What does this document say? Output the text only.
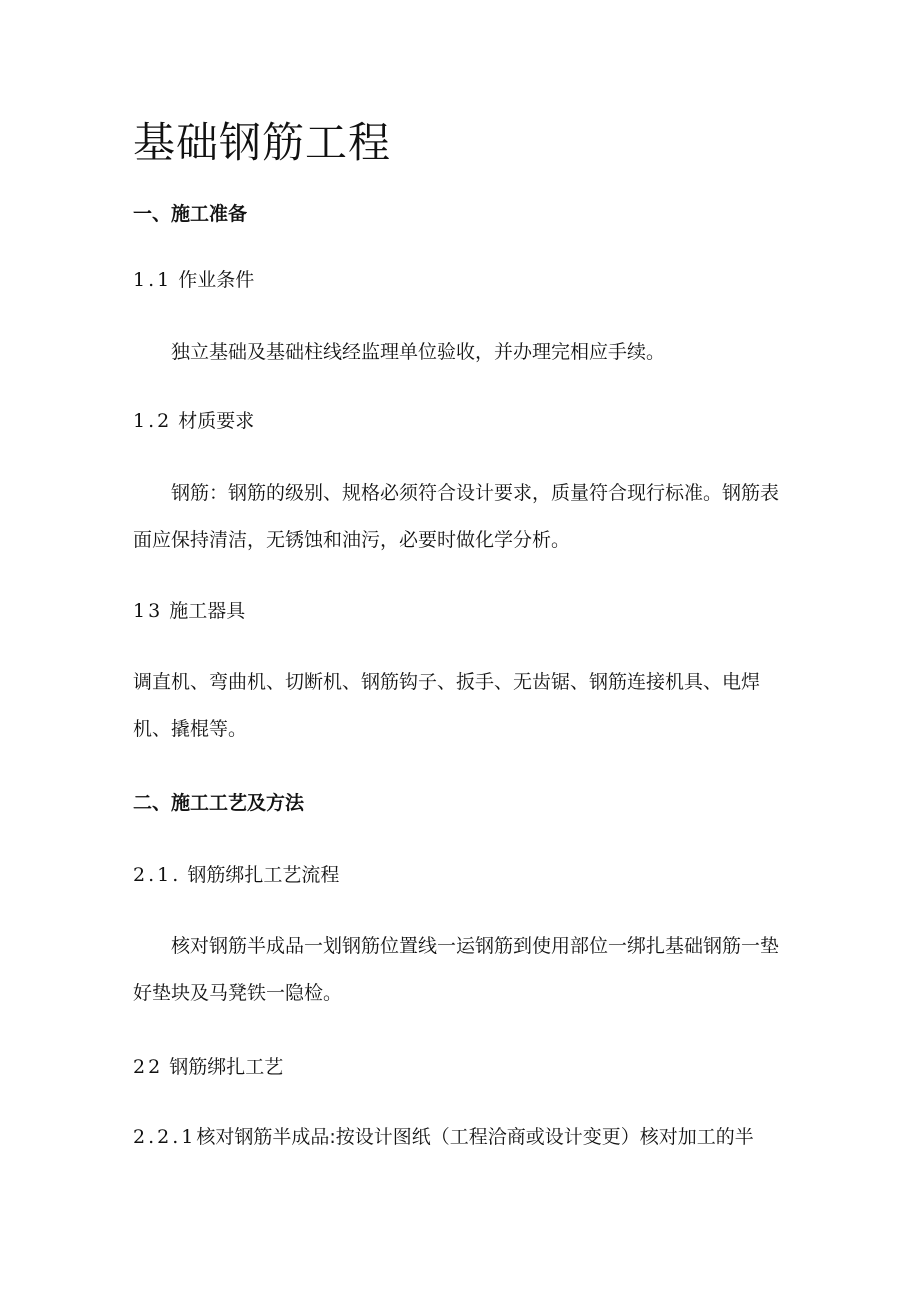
基础钢筋工程
一、施工准备
1.1 作业条件

独立基础及基础柱线经监理单位验收，并办理完相应手续。

1.2 材质要求

钢筋：钢筋的级别、规格必须符合设计要求，质量符合现行标准。钢筋表面应保持清洁，无锈蚀和油污，必要时做化学分析。

13 施工器具

调直机、弯曲机、切断机、钢筋钩子、扳手、无齿锯、钢筋连接机具、电焊机、撬棍等。

二、施工工艺及方法
2.1. 钢筋绑扎工艺流程

核对钢筋半成品一划钢筋位置线一运钢筋到使用部位一绑扎基础钢筋一垫好垫块及马凳铁一隐检。

22 钢筋绑扎工艺

2.2.1核对钢筋半成品:按设计图纸（工程洽商或设计变更）核对加工的半
